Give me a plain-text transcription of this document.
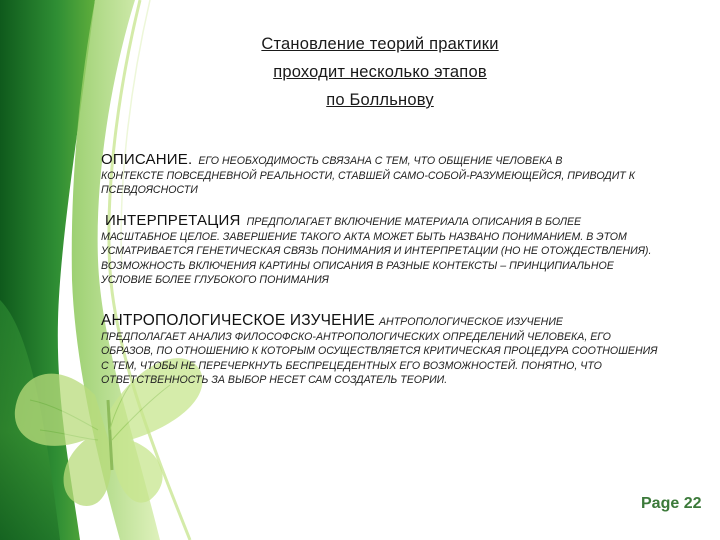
Становление теорий практики
проходит несколько этапов
по Болльнову
ОПИСАНИЕ. ЕГО НЕОБХОДИМОСТЬ СВЯЗАНА С ТЕМ, ЧТО ОБЩЕНИЕ ЧЕЛОВЕКА В
КОНТЕКСТЕ ПОВСЕДНЕВНОЙ РЕАЛЬНОСТИ, СТАВШЕЙ САМО-СОБОЙ-РАЗУМЕЮЩЕЙСЯ, ПРИВОДИТ К ПСЕВДОЯСНОСТИ
ИНТЕРПРЕТАЦИЯ ПРЕДПОЛАГАЕТ ВКЛЮЧЕНИЕ МАТЕРИАЛА ОПИСАНИЯ В БОЛЕЕ
МАСШТАБНОЕ ЦЕЛОЕ. ЗАВЕРШЕНИЕ ТАКОГО АКТА МОЖЕТ БЫТЬ НАЗВАНО ПОНИМАНИЕМ. В ЭТОМ УСМАТРИВАЕТСЯ ГЕНЕТИЧЕСКАЯ СВЯЗЬ ПОНИМАНИЯ И ИНТЕРПРЕТАЦИИ (НО НЕ ОТОЖДЕСТВЛЕНИЯ). ВОЗМОЖНОСТЬ ВКЛЮЧЕНИЯ КАРТИНЫ ОПИСАНИЯ В РАЗНЫЕ КОНТЕКСТЫ – ПРИНЦИПИАЛЬНОЕ УСЛОВИЕ БОЛЕЕ ГЛУБОКОГО ПОНИМАНИЯ
АНТРОПОЛОГИЧЕСКОЕ ИЗУЧЕНИЕ АНТРОПОЛОГИЧЕСКОЕ ИЗУЧЕНИЕ
ПРЕДПОЛАГАЕТ АНАЛИЗ ФИЛОСОФСКО-АНТРОПОЛОГИЧЕСКИХ ОПРЕДЕЛЕНИЙ ЧЕЛОВЕКА, ЕГО ОБРАЗОВ, ПО ОТНОШЕНИЮ К КОТОРЫМ ОСУЩЕСТВЛЯЕТСЯ КРИТИЧЕСКАЯ ПРОЦЕДУРА СООТНОШЕНИЯ С ТЕМ, ЧТОБЫ НЕ ПЕРЕЧЕРКНУТЬ БЕСПРЕЦЕДЕНТНЫХ ЕГО ВОЗМОЖНОСТЕЙ. ПОНЯТНО, ЧТО ОТВЕТСТВЕННОСТЬ ЗА ВЫБОР НЕСЕТ САМ СОЗДАТЕЛЬ ТЕОРИИ.
Page 22
